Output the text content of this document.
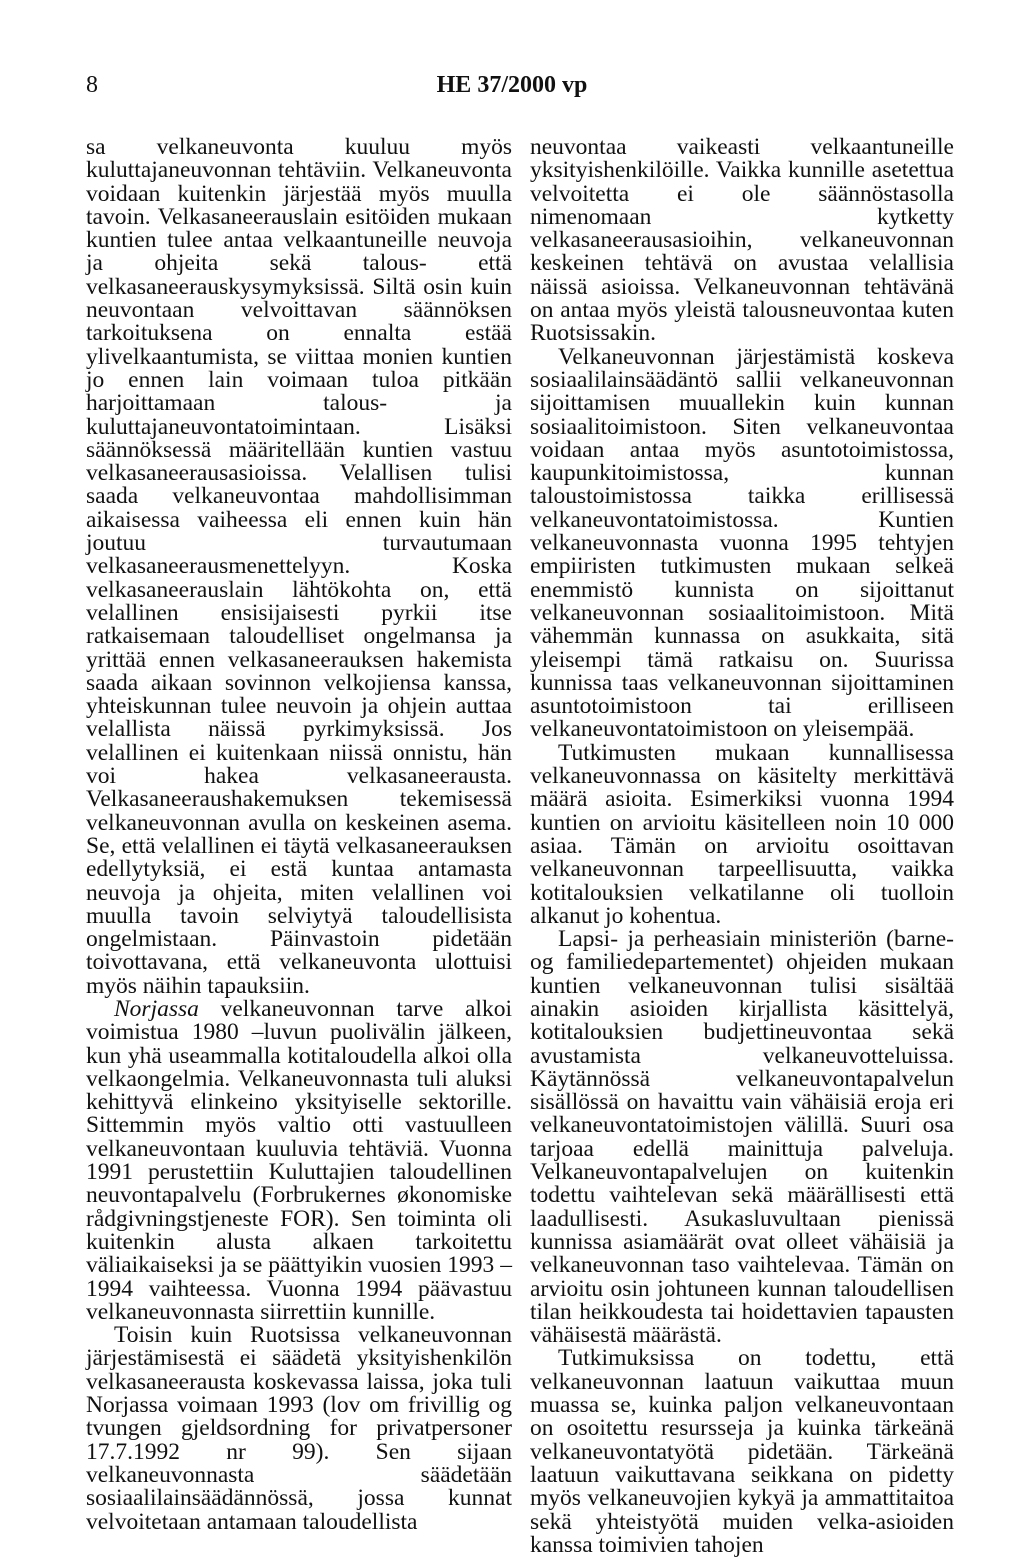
8	HE 37/2000 vp

sa velkaneuvonta kuuluu myös kuluttajaneuvonnan tehtäviin. Velkaneuvonta voidaan kuitenkin järjestää myös muulla tavoin. Velkasaneerauslain esitöiden mukaan kuntien tulee antaa velkaantuneille neuvoja ja ohjeita sekä talous- että velkasaneerauskysymyksissä. Siltä osin kuin neuvontaan velvoittavan säännöksen tarkoituksena on ennalta estää ylivelkaantumista, se viittaa monien kuntien jo ennen lain voimaan tuloa pitkään harjoittamaan talous- ja kuluttajaneuvontatoimintaan. Lisäksi säännöksessä määritellään kuntien vastuu velkasaneerausasioissa. Velallisen tulisi saada velkaneuvontaa mahdollisimman aikaisessa vaiheessa eli ennen kuin hän joutuu turvautumaan velkasaneerausmenettelyyn. Koska velkasaneerauslain lähtökohta on, että velallinen ensisijaisesti pyrkii itse ratkaisemaan taloudelliset ongelmansa ja yrittää ennen velkasaneerauksen hakemista saada aikaan sovinnon velkojiensa kanssa, yhteiskunnan tulee neuvoin ja ohjein auttaa velallista näissä pyrkimyksissä. Jos velallinen ei kuitenkaan niissä onnistu, hän voi hakea velkasaneerausta. Velkasaneeraushakemuksen tekemisessä velkaneuvonnan avulla on keskeinen asema. Se, että velallinen ei täytä velkasaneerauksen edellytyksiä, ei estä kuntaa antamasta neuvoja ja ohjeita, miten velallinen voi muulla tavoin selviytyä taloudellisista ongelmistaan. Päinvastoin pidetään toivottavana, että velkaneuvonta ulottuisi myös näihin tapauksiin.

Norjassa velkaneuvonnan tarve alkoi voimistua 1980 –luvun puolivälin jälkeen, kun yhä useammalla kotitaloudella alkoi olla velkaongelmia. Velkaneuvonnasta tuli aluksi kehittyvä elinkeino yksityiselle sektorille. Sittemmin myös valtio otti vastuulleen velkaneuvontaan kuuluvia tehtäviä. Vuonna 1991 perustettiin Kuluttajien taloudellinen neuvontapalvelu (Forbrukernes økonomiske rådgivningstjeneste FOR). Sen toiminta oli kuitenkin alusta alkaen tarkoitettu väliaikaiseksi ja se päättyikin vuosien 1993 – 1994 vaihteessa. Vuonna 1994 päävastuu velkaneuvonnasta siirrettiin kunnille.

Toisin kuin Ruotsissa velkaneuvonnan järjestämisestä ei säädetä yksityishenkilön velkasaneerausta koskevassa laissa, joka tuli Norjassa voimaan 1993 (lov om frivillig og tvungen gjeldsordning for privatpersoner 17.7.1992 nr 99). Sen sijaan velkaneuvonnasta säädetään sosiaalilainsäädännössä, jossa kunnat velvoitetaan antamaan taloudellista

neuvontaa vaikeasti velkaantuneille yksityishenkilöille. Vaikka kunnille asetettua velvoitetta ei ole säännöstasolla nimenomaan kytketty velkasaneerausasioihin, velkaneuvonnan keskeinen tehtävä on avustaa velallisia näissä asioissa. Velkaneuvonnan tehtävänä on antaa myös yleistä talousneuvontaa kuten Ruotsissakin.

Velkaneuvonnan järjestämistä koskeva sosiaalilainsäädäntö sallii velkaneuvonnan sijoittamisen muuallekin kuin kunnan sosiaalitoimistoon. Siten velkaneuvontaa voidaan antaa myös asuntotoimistossa, kaupunkitoimistossa, kunnan taloustoimistossa taikka erillisessä velkaneuvontatoimistossa. Kuntien velkaneuvonnasta vuonna 1995 tehtyjen empiiristen tutkimusten mukaan selkeä enemmistö kunnista on sijoittanut velkaneuvonnan sosiaalitoimistoon. Mitä vähemmän kunnassa on asukkaita, sitä yleisempi tämä ratkaisu on. Suurissa kunnissa taas velkaneuvonnan sijoittaminen asuntotoimistoon tai erilliseen velkaneuvontatoimistoon on yleisempää.

Tutkimusten mukaan kunnallisessa velkaneuvonnassa on käsitelty merkittävä määrä asioita. Esimerkiksi vuonna 1994 kuntien on arvioitu käsitelleen noin 10 000 asiaa. Tämän on arvioitu osoittavan velkaneuvonnan tarpeellisuutta, vaikka kotitalouksien velkatilanne oli tuolloin alkanut jo kohentua.

Lapsi- ja perheasiain ministeriön (barne- og familiedepartementet) ohjeiden mukaan kuntien velkaneuvonnan tulisi sisältää ainakin asioiden kirjallista käsittelyä, kotitalouksien budjettineuvontaa sekä avustamista velkaneuvotteluissa. Käytännössä velkaneuvontapalvelun sisällössä on havaittu vain vähäisiä eroja eri velkaneuvontatoimistojen välillä. Suuri osa tarjoaa edellä mainittuja palveluja. Velkaneuvontapalvelujen on kuitenkin todettu vaihtelevan sekä määrällisesti että laadullisesti. Asukasluvultaan pienissä kunnissa asiamäärät ovat olleet vähäisiä ja velkaneuvonnan taso vaihtelevaa. Tämän on arvioitu osin johtuneen kunnan taloudellisen tilan heikkoudesta tai hoidettavien tapausten vähäisestä määrästä.

Tutkimuksissa on todettu, että velkaneuvonnan laatuun vaikuttaa muun muassa se, kuinka paljon velkaneuvontaan on osoitettu resursseja ja kuinka tärkeänä velkaneuvontatyötä pidetään. Tärkeänä laatuun vaikuttavana seikkana on pidetty myös velkaneuvojien kykyä ja ammattitaitoa sekä yhteistyötä muiden velka-asioiden kanssa toimivien tahojen
